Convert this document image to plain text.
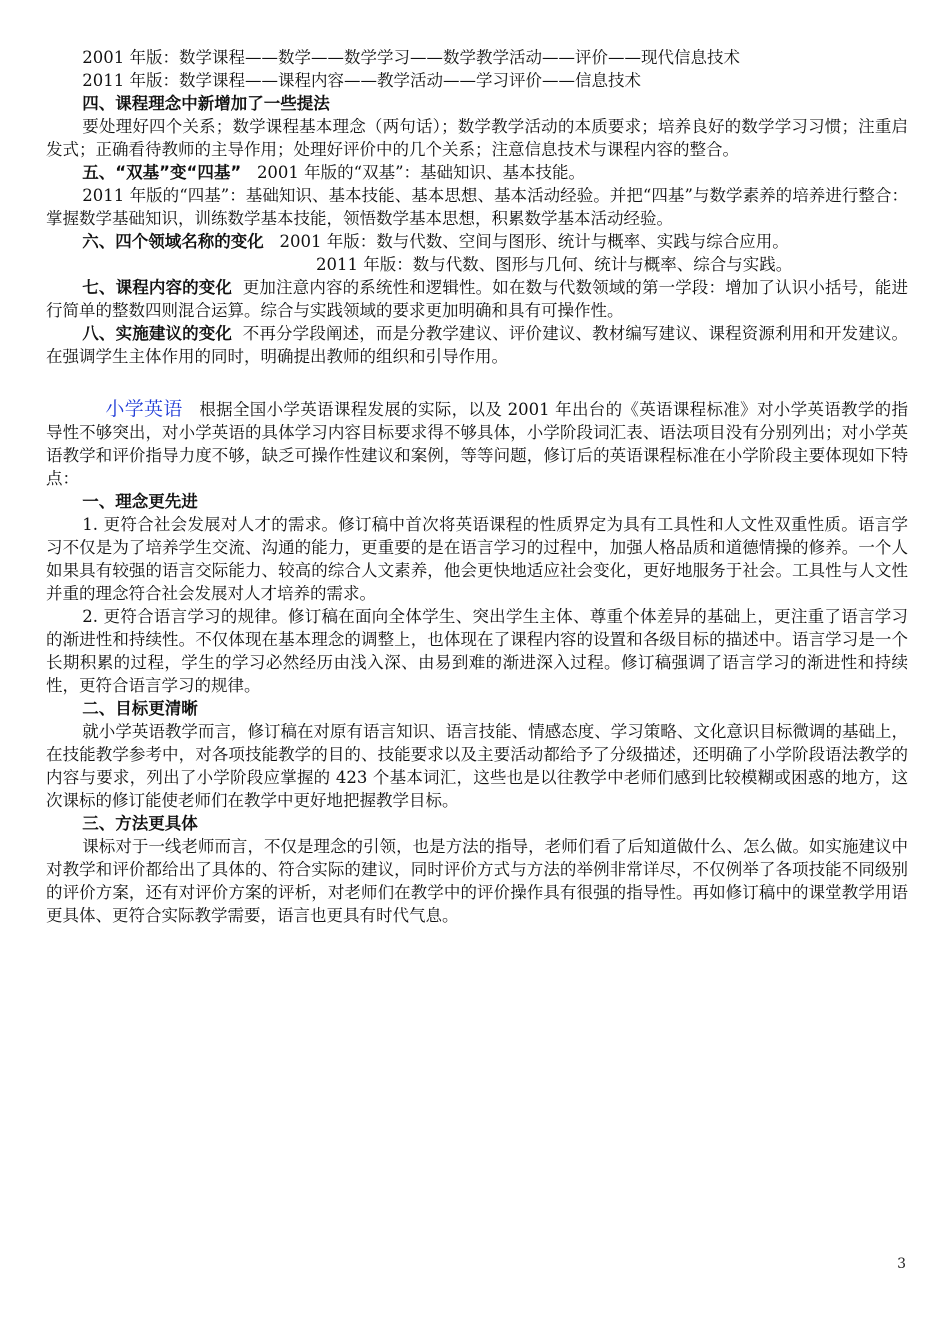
2001 年版：数学课程——数学——数学学习——数学教学活动——评价——现代信息技术

2011 年版：数学课程——课程内容——教学活动——学习评价——信息技术

四、课程理念中新增加了一些提法

要处理好四个关系；数学课程基本理念（两句话）；数学教学活动的本质要求；培养良好的数学学习习惯；注重启发式；正确看待教师的主导作用；处理好评价中的几个关系；注意信息技术与课程内容的整合。

五、“双基”变“四基” 2001 年版的“双基”：基础知识、基本技能。

2011 年版的“四基”：基础知识、基本技能、基本思想、基本活动经验。并把“四基”与数学素养的培养进行整合：掌握数学基础知识，训练数学基本技能，领悟数学基本思想，积累数学基本活动经验。

六、四个领域名称的变化 2001 年版：数与代数、空间与图形、统计与概率、实践与综合应用。

2011 年版：数与代数、图形与几何、统计与概率、综合与实践。

七、课程内容的变化 更加注意内容的系统性和逻辑性。如在数与代数领域的第一学段：增加了认识小括号，能进行简单的整数四则混合运算。综合与实践领域的要求更加明确和具有可操作性。

八、实施建议的变化 不再分学段阐述，而是分教学建议、评价建议、教材编写建议、课程资源利用和开发建议。在强调学生主体作用的同时，明确提出教师的组织和引导作用。

小学英语 根据全国小学英语课程发展的实际，以及 2001 年出台的《英语课程标准》对小学英语教学的指导性不够突出，对小学英语的具体学习内容目标要求得不够具体，小学阶段词汇表、语法项目没有分别列出；对小学英语教学和评价指导力度不够，缺乏可操作性建议和案例，等等问题，修订后的英语课程标准在小学阶段主要体现如下特点：

一、理念更先进

1. 更符合社会发展对人才的需求。修订稿中首次将英语课程的性质界定为具有工具性和人文性双重性质。语言学习不仅是为了培养学生交流、沟通的能力，更重要的是在语言学习的过程中，加强人格品质和道德情操的修养。一个人如果具有较强的语言交际能力、较高的综合人文素养，他会更快地适应社会变化，更好地服务于社会。工具性与人文性并重的理念符合社会发展对人才培养的需求。

2. 更符合语言学习的规律。修订稿在面向全体学生、突出学生主体、尊重个体差异的基础上，更注重了语言学习的渐进性和持续性。不仅体现在基本理念的调整上，也体现在了课程内容的设置和各级目标的描述中。语言学习是一个长期积累的过程，学生的学习必然经历由浅入深、由易到难的渐进深入过程。修订稿强调了语言学习的渐进性和持续性，更符合语言学习的规律。

二、目标更清晰

就小学英语教学而言，修订稿在对原有语言知识、语言技能、情感态度、学习策略、文化意识目标微调的基础上，在技能教学参考中，对各项技能教学的目的、技能要求以及主要活动都给予了分级描述，还明确了小学阶段语法教学的内容与要求，列出了小学阶段应掌握的 423 个基本词汇，这些也是以往教学中老师们感到比较模糊或困惑的地方，这次课标的修订能使老师们在教学中更好地把握教学目标。

三、方法更具体

课标对于一线老师而言，不仅是理念的引领，也是方法的指导，老师们看了后知道做什么、怎么做。如实施建议中对教学和评价都给出了具体的、符合实际的建议，同时评价方式与方法的举例非常详尽，不仅例举了各项技能不同级别的评价方案，还有对评价方案的评析，对老师们在教学中的评价操作具有很强的指导性。再如修订稿中的课堂教学用语更具体、更符合实际教学需要，语言也更具有时代气息。

3
